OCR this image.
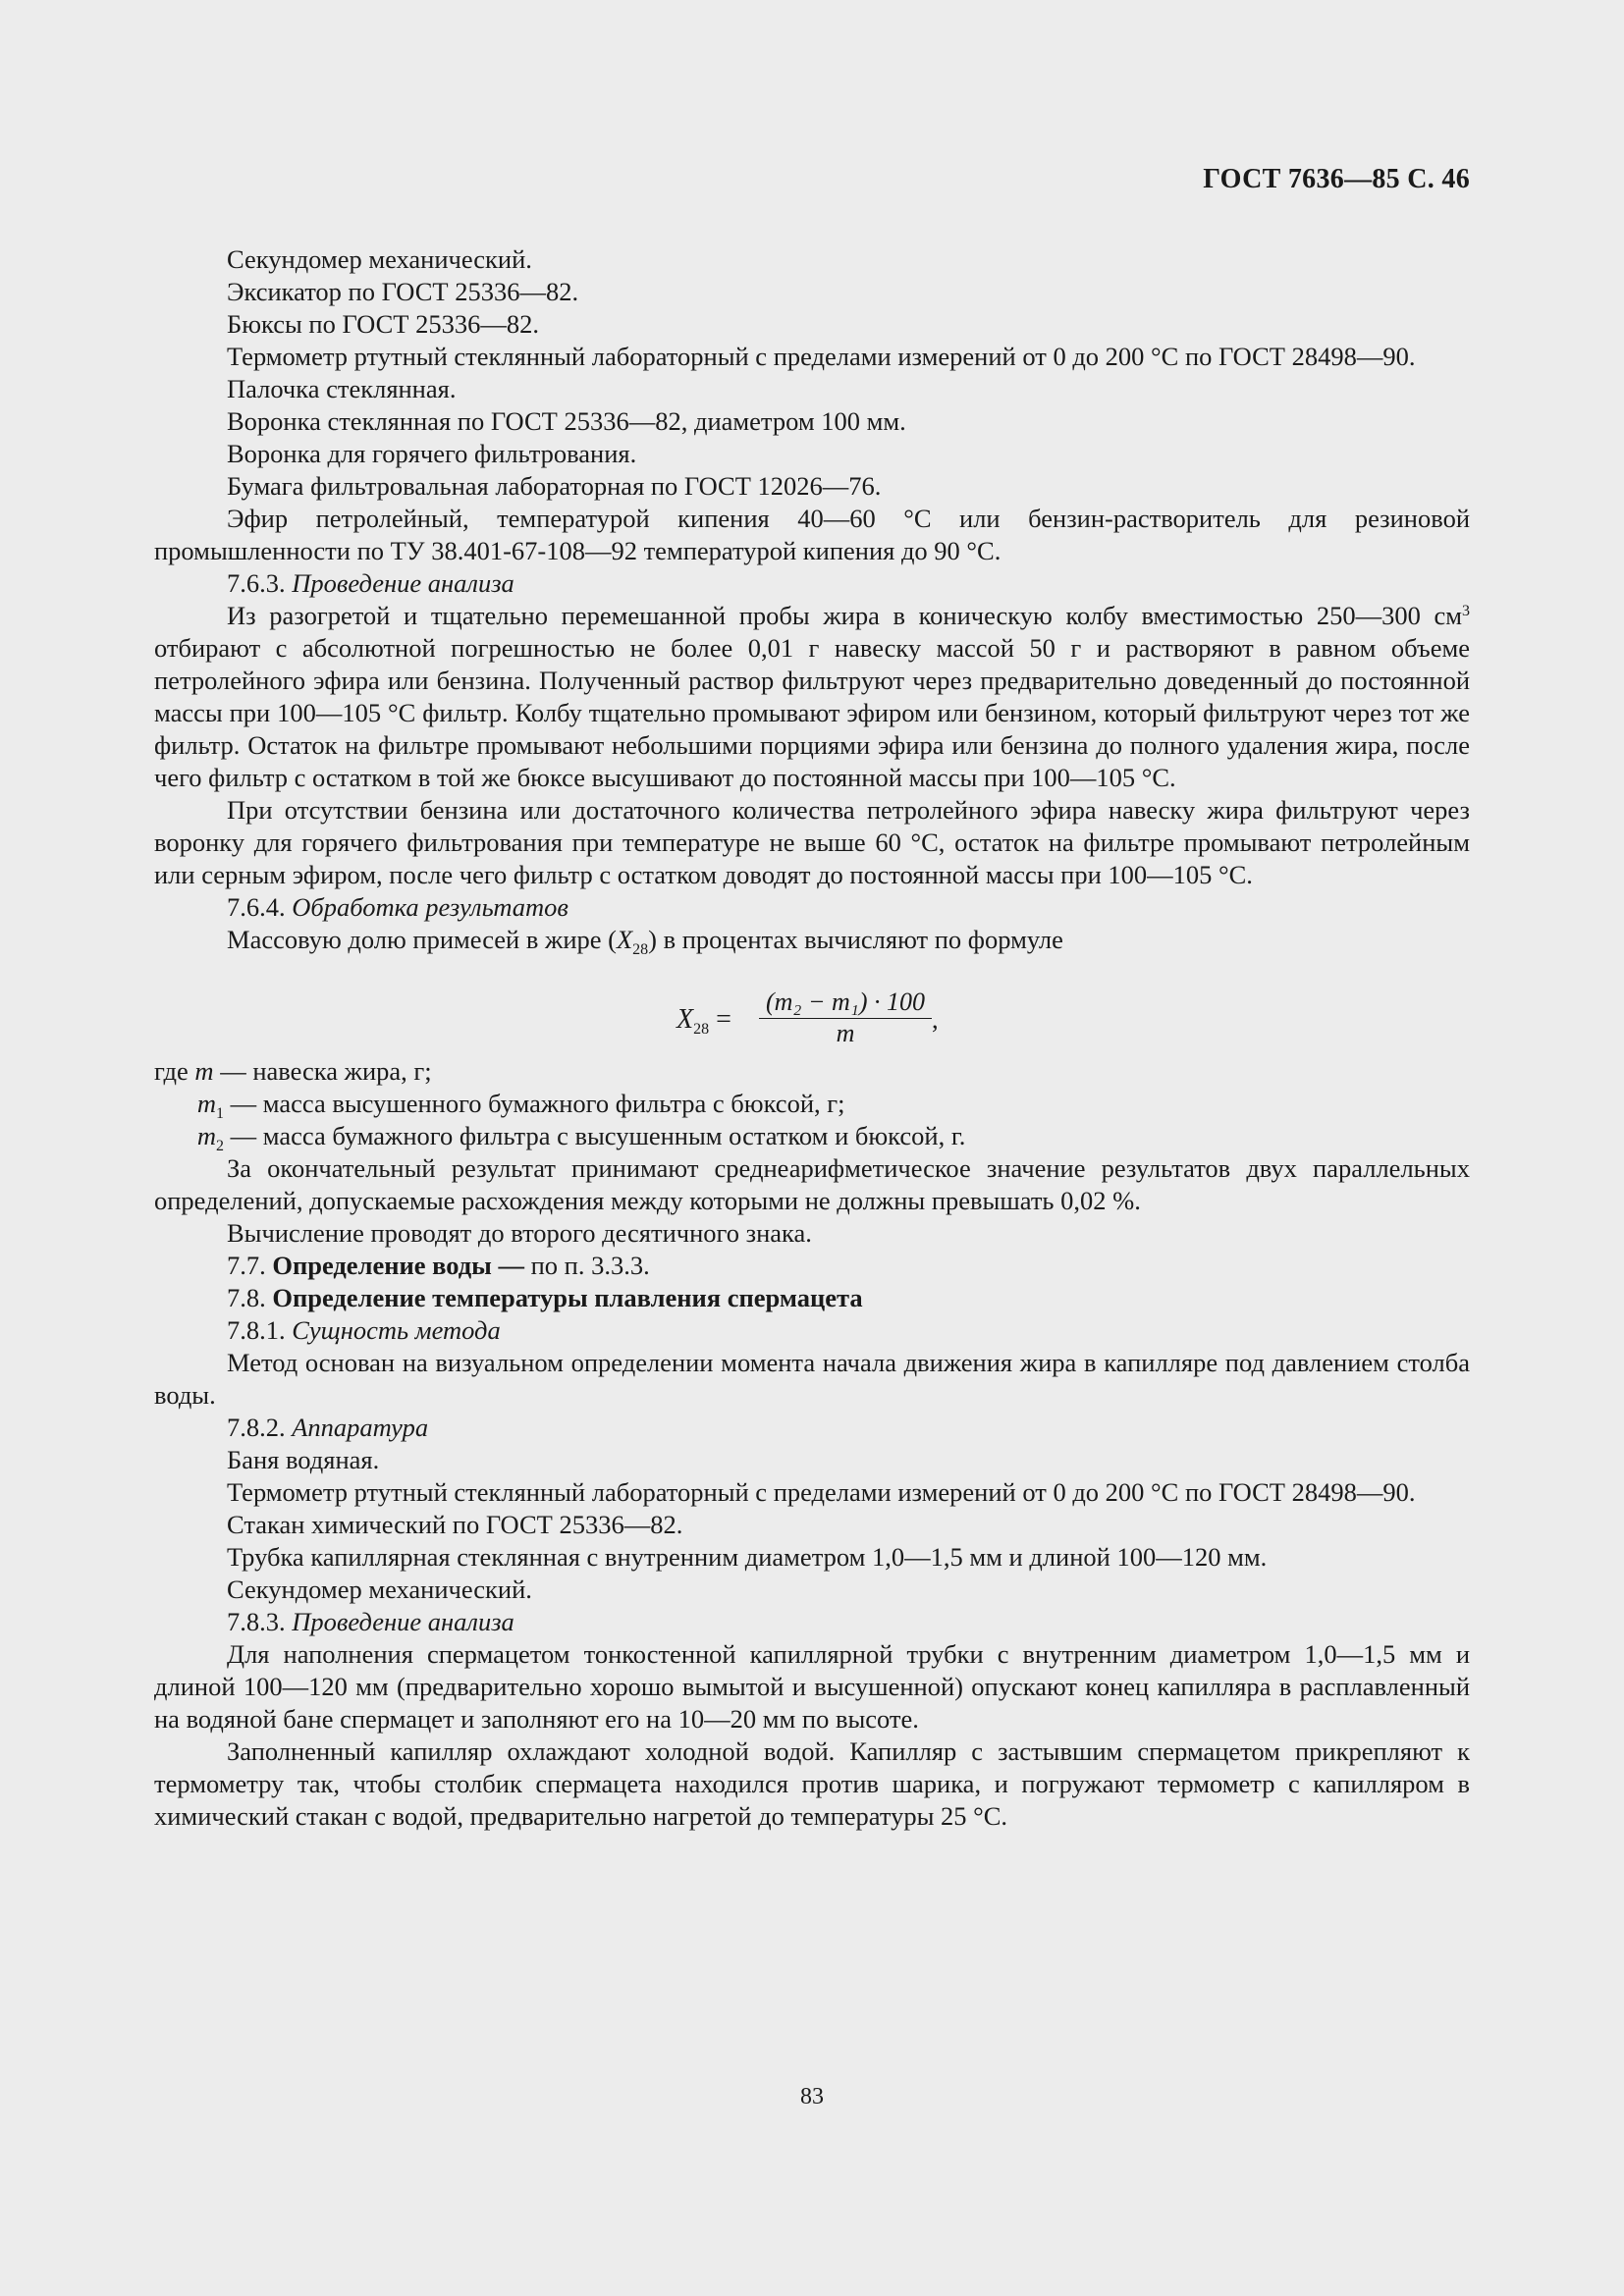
ГОСТ 7636—85 С. 46

Секундомер механический.

Эксикатор по ГОСТ 25336—82.

Бюксы по ГОСТ 25336—82.

Термометр ртутный стеклянный лабораторный с пределами измерений от 0 до 200 °С по ГОСТ 28498—90.

Палочка стеклянная.

Воронка стеклянная по ГОСТ 25336—82, диаметром 100 мм.

Воронка для горячего фильтрования.

Бумага фильтровальная лабораторная по ГОСТ 12026—76.

Эфир петролейный, температурой кипения 40—60 °С или бензин-растворитель для резиновой промышленности по ТУ 38.401-67-108—92 температурой кипения до 90 °С.

7.6.3. Проведение анализа

Из разогретой и тщательно перемешанной пробы жира в коническую колбу вместимостью 250—300 $см^3$ отбирают с абсолютной погрешностью не более 0,01 г навеску массой 50 г и растворяют в равном объеме петролейного эфира или бензина. Полученный раствор фильтруют через предварительно доведенный до постоянной массы при 100—105 °С фильтр. Колбу тщательно промывают эфиром или бензином, который фильтруют через тот же фильтр. Остаток на фильтре промывают небольшими порциями эфира или бензина до полного удаления жира, после чего фильтр с остатком в той же бюксе высушивают до постоянной массы при 100—105 °С.

При отсутствии бензина или достаточного количества петролейного эфира навеску жира фильтруют через воронку для горячего фильтрования при температуре не выше 60 °С, остаток на фильтре промывают петролейным или серным эфиром, после чего фильтр с остатком доводят до постоянной массы при 100—105 °С.

7.6.4. Обработка результатов

Массовую долю примесей в жире $(X_{28})$ в процентах вычисляют по формуле

$X_{28} = \frac{\text{(m₂ − m₁) · 100}}{m}$ ,

где m — навеска жира, г;

$m_1$ — масса высушенного бумажного фильтра с бюксой, г;

$m_2$ — масса бумажного фильтра с высушенным остатком и бюксой, г.

За окончательный результат принимают среднеарифметическое значение результатов двух параллельных определений, допускаемые расхождения между которыми не должны превышать 0,02 %.

Вычисление проводят до второго десятичного знака.

7.7. Определение воды — по п. 3.3.3.

7.8. Определение температуры плавления спермацета

7.8.1. Сущность метода

Метод основан на визуальном определении момента начала движения жира в капилляре под давлением столба воды.

7.8.2. Аппаратура

Баня водяная.

Термометр ртутный стеклянный лабораторный с пределами измерений от 0 до 200 °С по ГОСТ 28498—90.

Стакан химический по ГОСТ 25336—82.

Трубка капиллярная стеклянная с внутренним диаметром 1,0—1,5 мм и длиной 100—120 мм.

Секундомер механический.

7.8.3. Проведение анализа

Для наполнения спермацетом тонкостенной капиллярной трубки с внутренним диаметром 1,0—1,5 мм и длиной 100—120 мм (предварительно хорошо вымытой и высушенной) опускают конец капилляра в расплавленный на водяной бане спермацет и заполняют его на 10—20 мм по высоте.

Заполненный капилляр охлаждают холодной водой. Капилляр с застывшим спермацетом прикрепляют к термометру так, чтобы столбик спермацета находился против шарика, и погружают термометр с капилляром в химический стакан с водой, предварительно нагретой до температуры 25 °С.

83
